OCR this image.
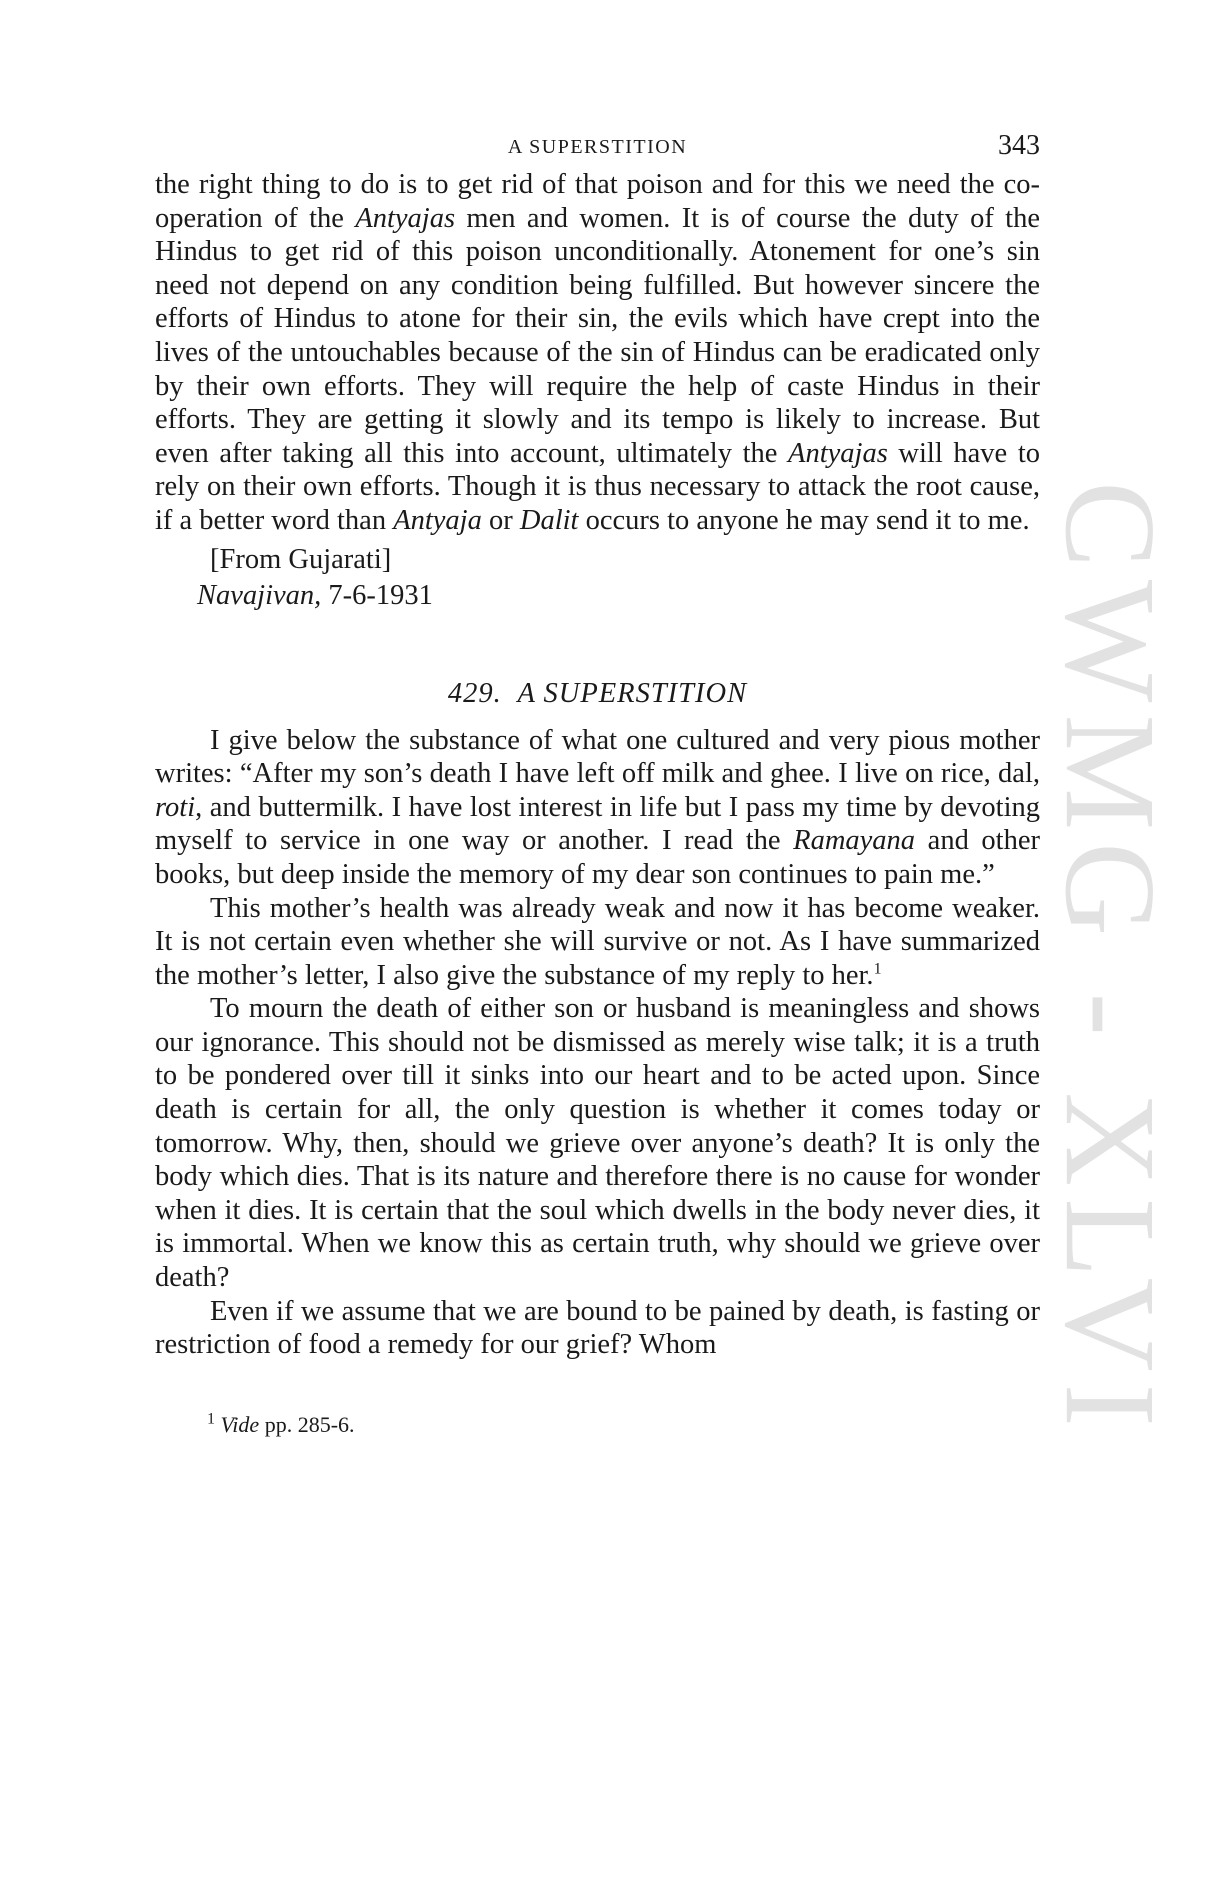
CWMG - XLVI
A SUPERSTITION	343

the right thing to do is to get rid of that poison and for this we need the co-operation of the Antyajas men and women. It is of course the duty of the Hindus to get rid of this poison unconditionally. Atonement for one’s sin need not depend on any condition being fulfilled. But however sincere the efforts of Hindus to atone for their sin, the evils which have crept into the lives of the untouchables because of the sin of Hindus can be eradicated only by their own efforts. They will require the help of caste Hindus in their efforts. They are getting it slowly and its tempo is likely to increase. But even after taking all this into account, ultimately the Antyajas will have to rely on their own efforts. Though it is thus necessary to attack the root cause, if a better word than Antyaja or Dalit occurs to anyone he may send it to me.

[From Gujarati]
Navajivan, 7-6-1931
429. A SUPERSTITION

I give below the substance of what one cultured and very pious mother writes: “After my son’s death I have left off milk and ghee. I live on rice, dal, roti, and buttermilk. I have lost interest in life but I pass my time by devoting myself to service in one way or another. I read the Ramayana and other books, but deep inside the memory of my dear son continues to pain me.”

This mother’s health was already weak and now it has become weaker. It is not certain even whether she will survive or not. As I have summarized the mother’s letter, I also give the substance of my reply to her.$^1$

To mourn the death of either son or husband is meaningless and shows our ignorance. This should not be dismissed as merely wise talk; it is a truth to be pondered over till it sinks into our heart and to be acted upon. Since death is certain for all, the only question is whether it comes today or tomorrow. Why, then, should we grieve over anyone’s death? It is only the body which dies. That is its nature and therefore there is no cause for wonder when it dies. It is certain that the soul which dwells in the body never dies, it is immortal. When we know this as certain truth, why should we grieve over death?

Even if we assume that we are bound to be pained by death, is fasting or restriction of food a remedy for our grief? Whom

$^1$ Vide pp. 285-6.
